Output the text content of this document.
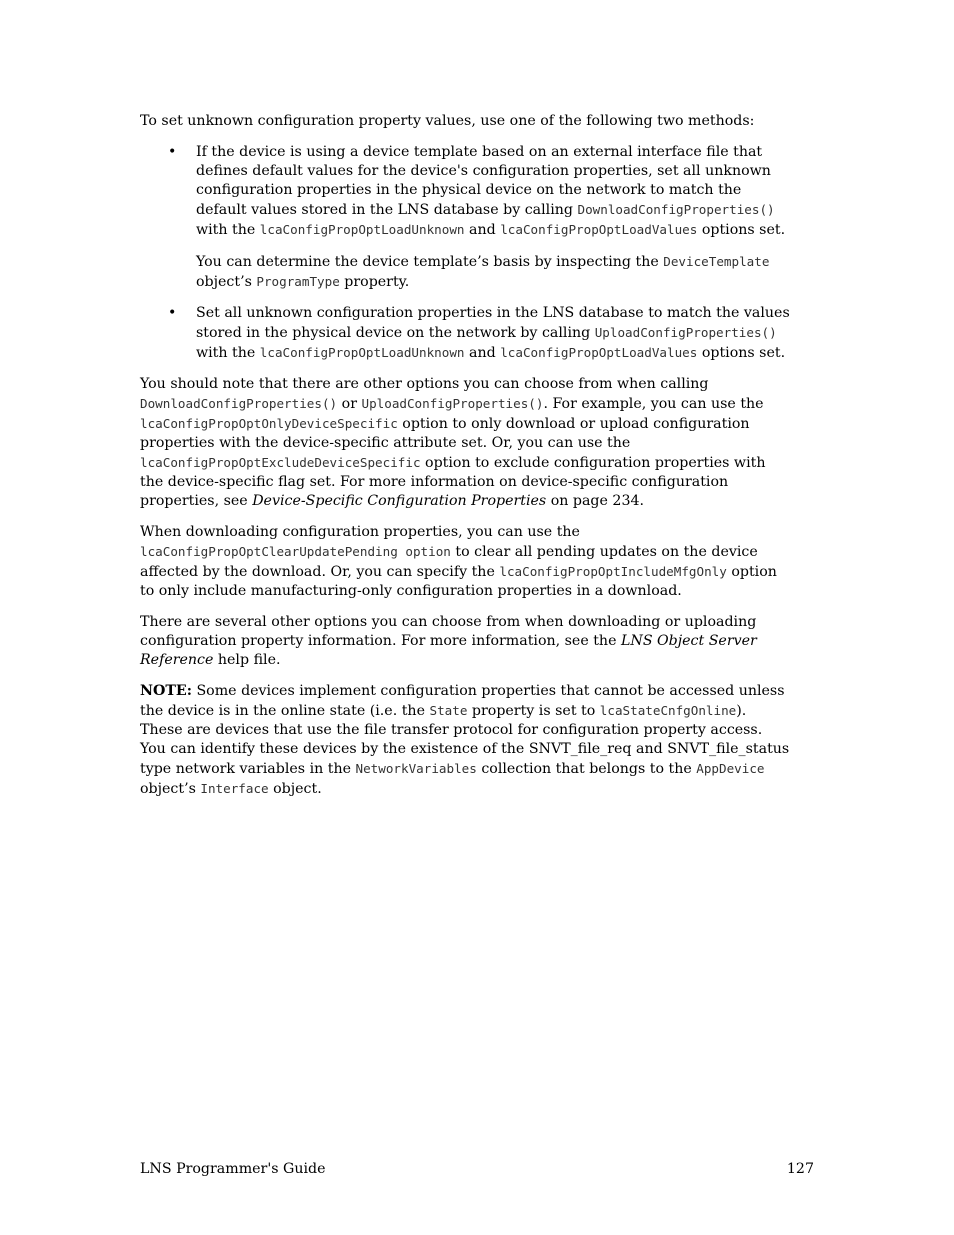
To set unknown configuration property values, use one of the following two methods:

• If the device is using a device template based on an external interface file that defines default values for the device's configuration properties, set all unknown configuration properties in the physical device on the network to match the default values stored in the LNS database by calling DownloadConfigProperties() with the lcaConfigPropOptLoadUnknown and lcaConfigPropOptLoadValues options set.

You can determine the device template’s basis by inspecting the DeviceTemplate object’s ProgramType property.

• Set all unknown configuration properties in the LNS database to match the values stored in the physical device on the network by calling UploadConfigProperties() with the lcaConfigPropOptLoadUnknown and lcaConfigPropOptLoadValues options set.

You should note that there are other options you can choose from when calling DownloadConfigProperties() or UploadConfigProperties(). For example, you can use the lcaConfigPropOptOnlyDeviceSpecific option to only download or upload configuration properties with the device-specific attribute set. Or, you can use the lcaConfigPropOptExcludeDeviceSpecific option to exclude configuration properties with the device-specific flag set. For more information on device-specific configuration properties, see Device-Specific Configuration Properties on page 234.

When downloading configuration properties, you can use the lcaConfigPropOptClearUpdatePending option to clear all pending updates on the device affected by the download. Or, you can specify the lcaConfigPropOptIncludeMfgOnly option to only include manufacturing-only configuration properties in a download.

There are several other options you can choose from when downloading or uploading configuration property information. For more information, see the LNS Object Server Reference help file.

NOTE: Some devices implement configuration properties that cannot be accessed unless the device is in the online state (i.e. the State property is set to lcaStateCnfgOnline). These are devices that use the file transfer protocol for configuration property access. You can identify these devices by the existence of the SNVT_file_req and SNVT_file_status type network variables in the NetworkVariables collection that belongs to the AppDevice object’s Interface object.

LNS Programmer's Guide	127
